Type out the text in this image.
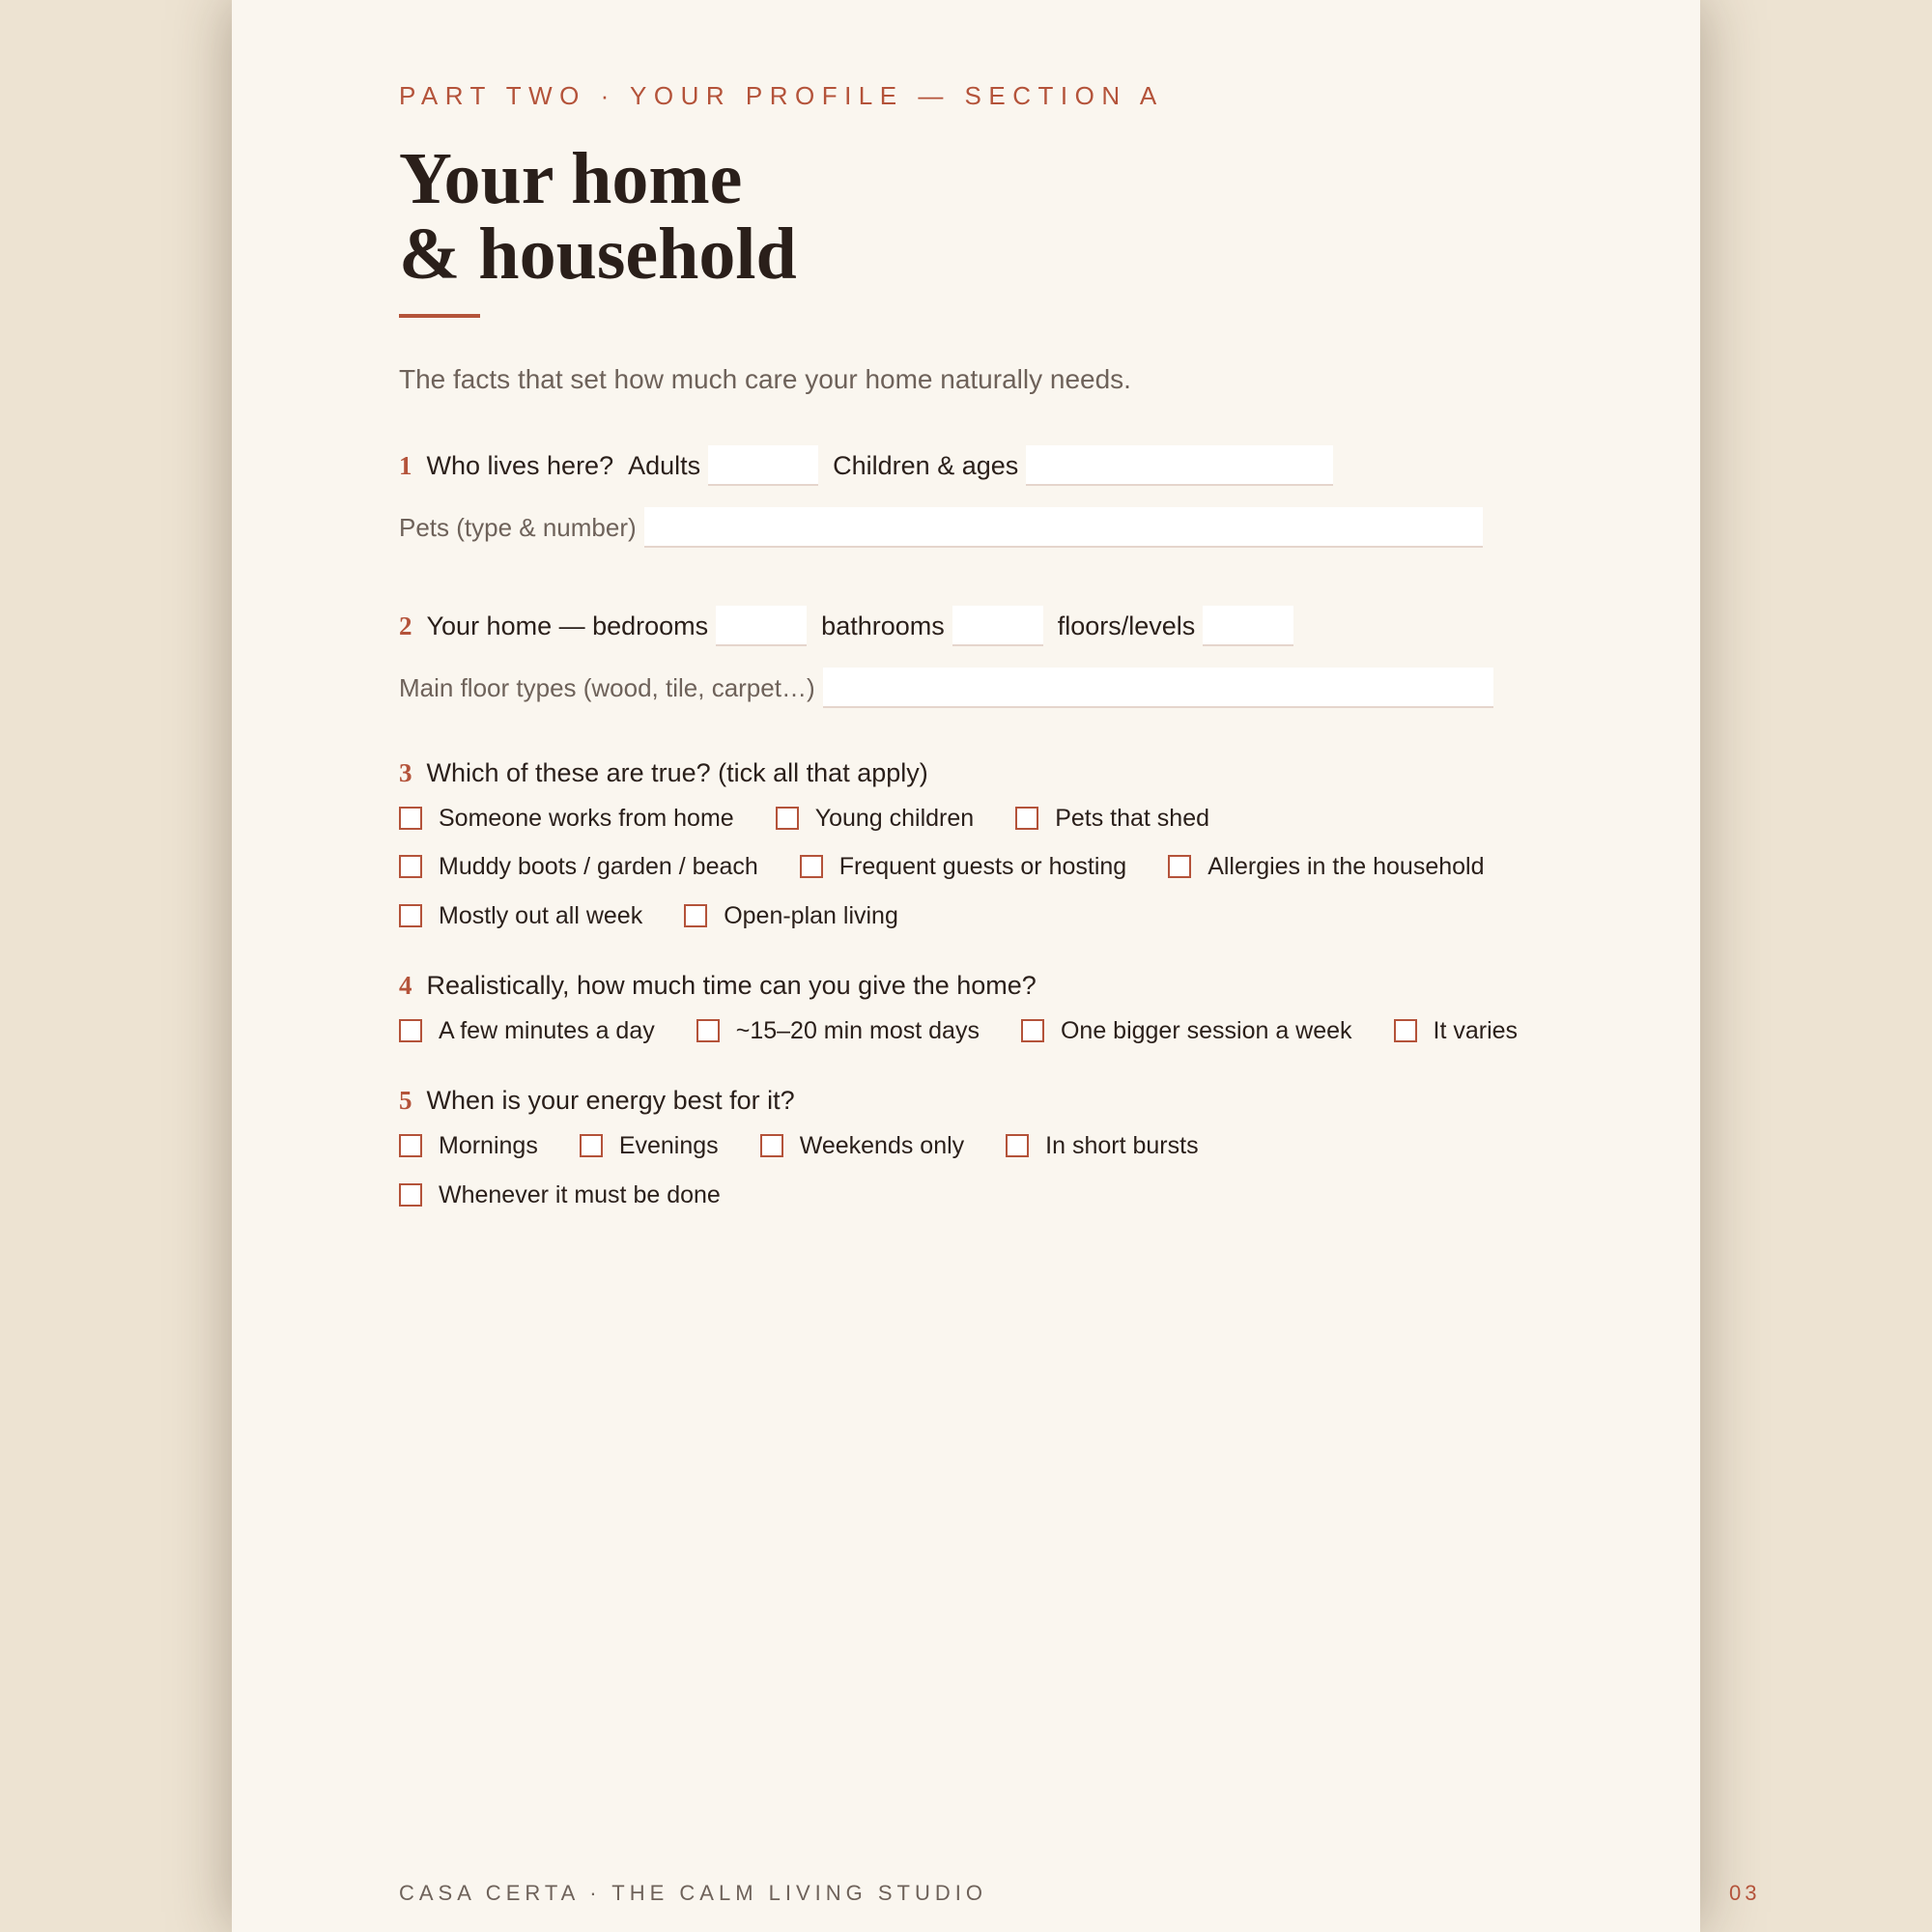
PART TWO · YOUR PROFILE — SECTION A
Your home
& household
The facts that set how much care your home naturally needs.
1 Who lives here? Adults	Children & ages
Pets (type & number)
2 Your home — bedrooms	bathrooms	floors/levels
Main floor types (wood, tile, carpet…)
3 Which of these are true? (tick all that apply)
Someone works from home	Young children	Pets that shed
Muddy boots / garden / beach	Frequent guests or hosting	Allergies in the household
Mostly out all week	Open-plan living
4 Realistically, how much time can you give the home?
A few minutes a day	~15–20 min most days	One bigger session a week	It varies
5 When is your energy best for it?
Mornings	Evenings	Weekends only	In short bursts
Whenever it must be done
CASA CERTA · THE CALM LIVING STUDIO	03
